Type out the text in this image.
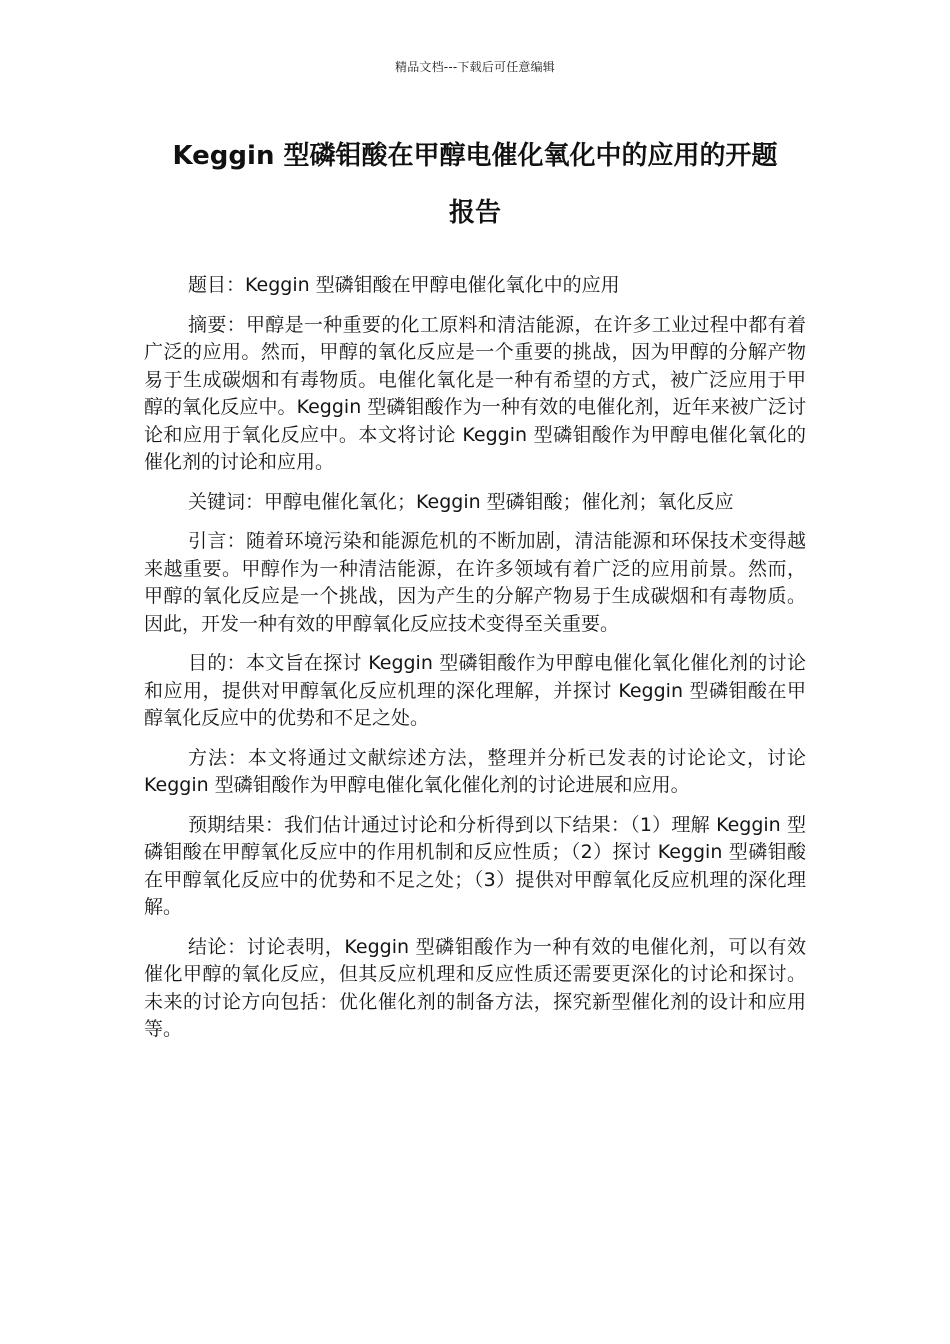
精品文档---下载后可任意编辑
Keggin 型磷钼酸在甲醇电催化氧化中的应用的开题
报告

题目：Keggin 型磷钼酸在甲醇电催化氧化中的应用

摘要：甲醇是一种重要的化工原料和清洁能源，在许多工业过程中都有着广泛的应用。然而，甲醇的氧化反应是一个重要的挑战，因为甲醇的分解产物易于生成碳烟和有毒物质。电催化氧化是一种有希望的方式，被广泛应用于甲醇的氧化反应中。Keggin 型磷钼酸作为一种有效的电催化剂，近年来被广泛讨论和应用于氧化反应中。本文将讨论 Keggin 型磷钼酸作为甲醇电催化氧化的催化剂的讨论和应用。

关键词：甲醇电催化氧化；Keggin 型磷钼酸；催化剂；氧化反应

引言：随着环境污染和能源危机的不断加剧，清洁能源和环保技术变得越来越重要。甲醇作为一种清洁能源，在许多领域有着广泛的应用前景。然而，甲醇的氧化反应是一个挑战，因为产生的分解产物易于生成碳烟和有毒物质。因此，开发一种有效的甲醇氧化反应技术变得至关重要。

目的：本文旨在探讨 Keggin 型磷钼酸作为甲醇电催化氧化催化剂的讨论和应用，提供对甲醇氧化反应机理的深化理解，并探讨 Keggin 型磷钼酸在甲醇氧化反应中的优势和不足之处。

方法：本文将通过文献综述方法，整理并分析已发表的讨论论文，讨论 Keggin 型磷钼酸作为甲醇电催化氧化催化剂的讨论进展和应用。

预期结果：我们估计通过讨论和分析得到以下结果：（1）理解 Keggin 型磷钼酸在甲醇氧化反应中的作用机制和反应性质；（2）探讨 Keggin 型磷钼酸在甲醇氧化反应中的优势和不足之处；（3）提供对甲醇氧化反应机理的深化理解。

结论：讨论表明，Keggin 型磷钼酸作为一种有效的电催化剂，可以有效催化甲醇的氧化反应，但其反应机理和反应性质还需要更深化的讨论和探讨。未来的讨论方向包括：优化催化剂的制备方法，探究新型催化剂的设计和应用等。
